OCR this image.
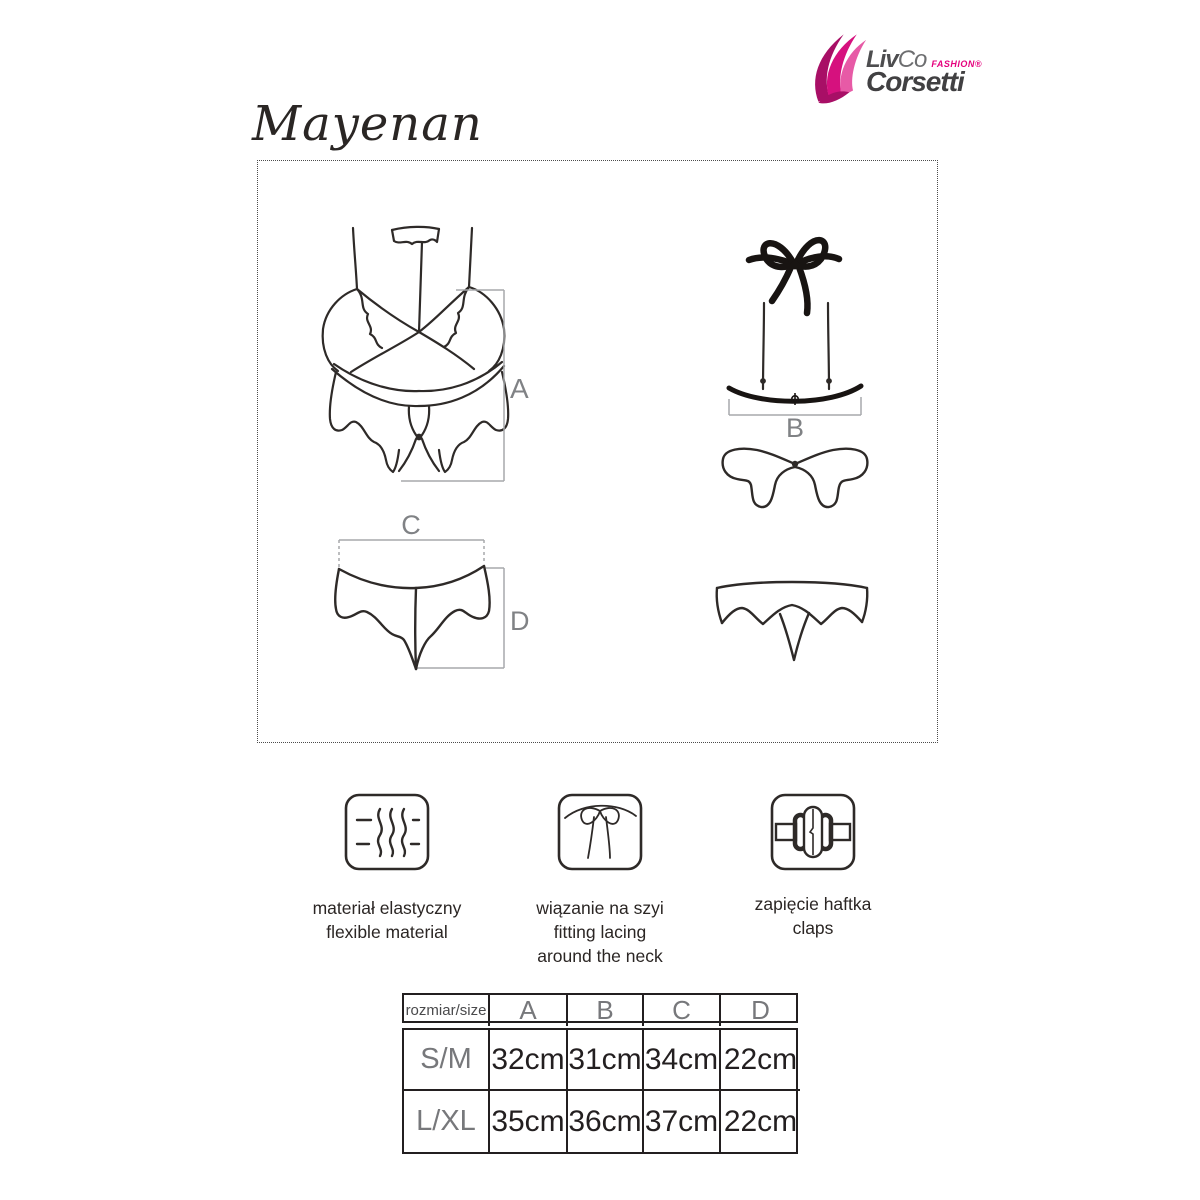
Liv Co FASHION®
Corsetti
Mayenan
A
C
D
B
materiał elastyczny
flexible material
wiązanie na szyi
fitting lacing
around the neck
zapięcie haftka
claps
rozmiar/size	A	B	C	D
S/M 32cm 31cm 34cm 22cm
L/XL 35cm 36cm 37cm 22cm
